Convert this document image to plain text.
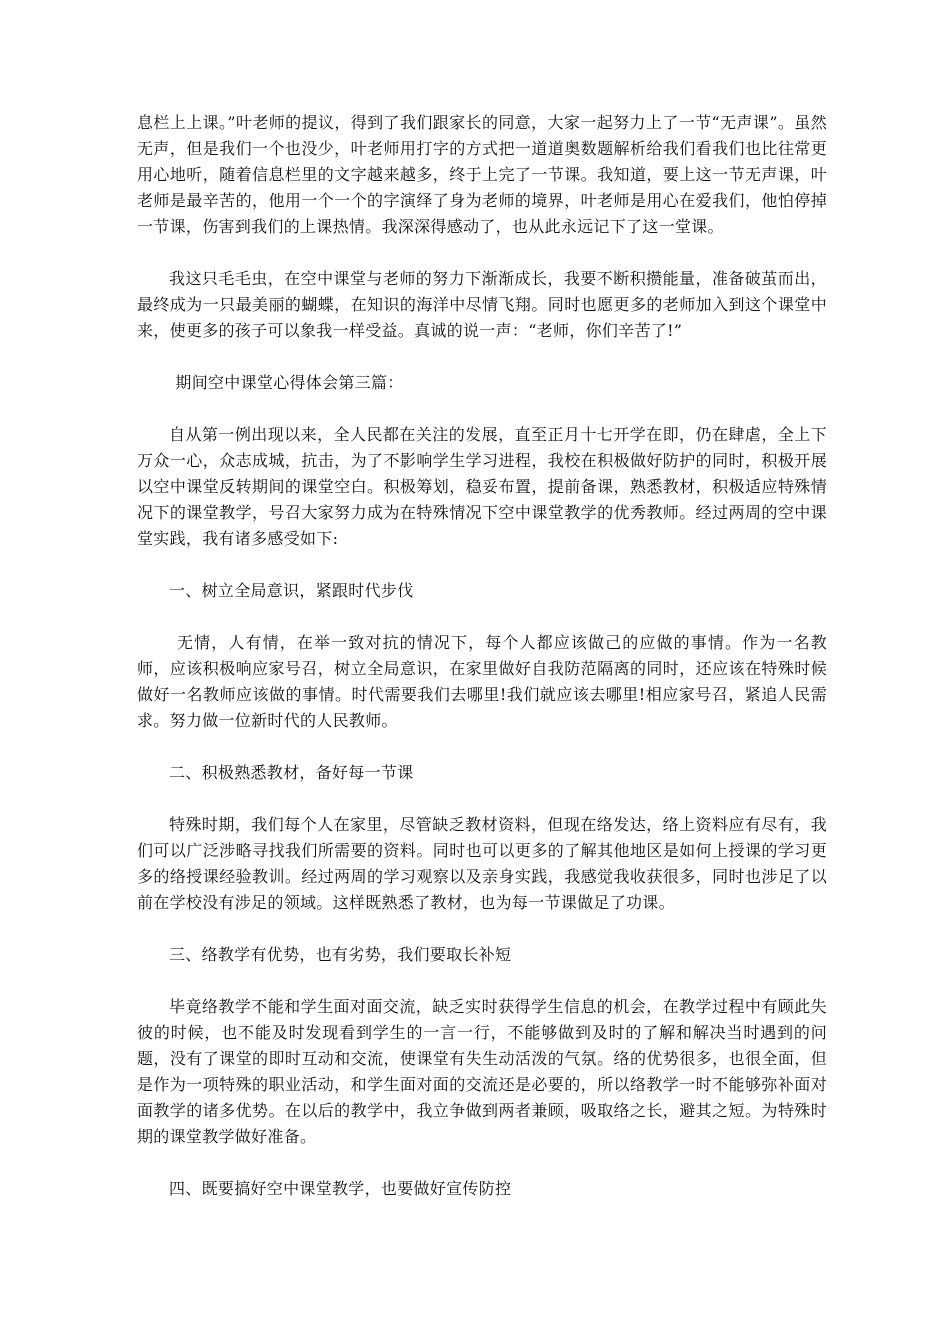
息栏上上课。”叶老师的提议，得到了我们跟家长的同意，大家一起努力上了一节“无声课”。虽然无声，但是我们一个也没少，叶老师用打字的方式把一道道奥数题解析给我们看我们也比往常更用心地听，随着信息栏里的文字越来越多，终于上完了一节课。我知道，要上这一节无声课，叶老师是最辛苦的，他用一个一个的字演绎了身为老师的境界，叶老师是用心在爱我们，他怕停掉一节课，伤害到我们的上课热情。我深深得感动了，也从此永远记下了这一堂课。

我这只毛毛虫，在空中课堂与老师的努力下渐渐成长，我要不断积攒能量，准备破茧而出，最终成为一只最美丽的蝴蝶，在知识的海洋中尽情飞翔。同时也愿更多的老师加入到这个课堂中来，使更多的孩子可以象我一样受益。真诚的说一声：“老师，你们辛苦了!”

期间空中课堂心得体会第三篇：

自从第一例出现以来，全人民都在关注的发展，直至正月十七开学在即，仍在肆虐，全上下万众一心，众志成城，抗击，为了不影响学生学习进程，我校在积极做好防护的同时，积极开展以空中课堂反转期间的课堂空白。积极筹划，稳妥布置，提前备课，熟悉教材，积极适应特殊情况下的课堂教学，号召大家努力成为在特殊情况下空中课堂教学的优秀教师。经过两周的空中课堂实践，我有诸多感受如下:

一、树立全局意识，紧跟时代步伐

无情，人有情，在举一致对抗的情况下，每个人都应该做己的应做的事情。作为一名教师，应该积极响应家号召，树立全局意识，在家里做好自我防范隔离的同时，还应该在特殊时候做好一名教师应该做的事情。时代需要我们去哪里!我们就应该去哪里!相应家号召，紧追人民需求。努力做一位新时代的人民教师。

二、积极熟悉教材，备好每一节课

特殊时期，我们每个人在家里，尽管缺乏教材资料，但现在络发达，络上资料应有尽有，我们可以广泛涉略寻找我们所需要的资料。同时也可以更多的了解其他地区是如何上授课的学习更多的络授课经验教训。经过两周的学习观察以及亲身实践，我感觉我收获很多，同时也涉足了以前在学校没有涉足的领域。这样既熟悉了教材，也为每一节课做足了功课。

三、络教学有优势，也有劣势，我们要取长补短

毕竟络教学不能和学生面对面交流，缺乏实时获得学生信息的机会，在教学过程中有顾此失彼的时候，也不能及时发现看到学生的一言一行，不能够做到及时的了解和解决当时遇到的问题，没有了课堂的即时互动和交流，使课堂有失生动活泼的气氛。络的优势很多，也很全面，但是作为一项特殊的职业活动，和学生面对面的交流还是必要的，所以络教学一时不能够弥补面对面教学的诸多优势。在以后的教学中，我立争做到两者兼顾，吸取络之长，避其之短。为特殊时期的课堂教学做好准备。

四、既要搞好空中课堂教学，也要做好宣传防控
